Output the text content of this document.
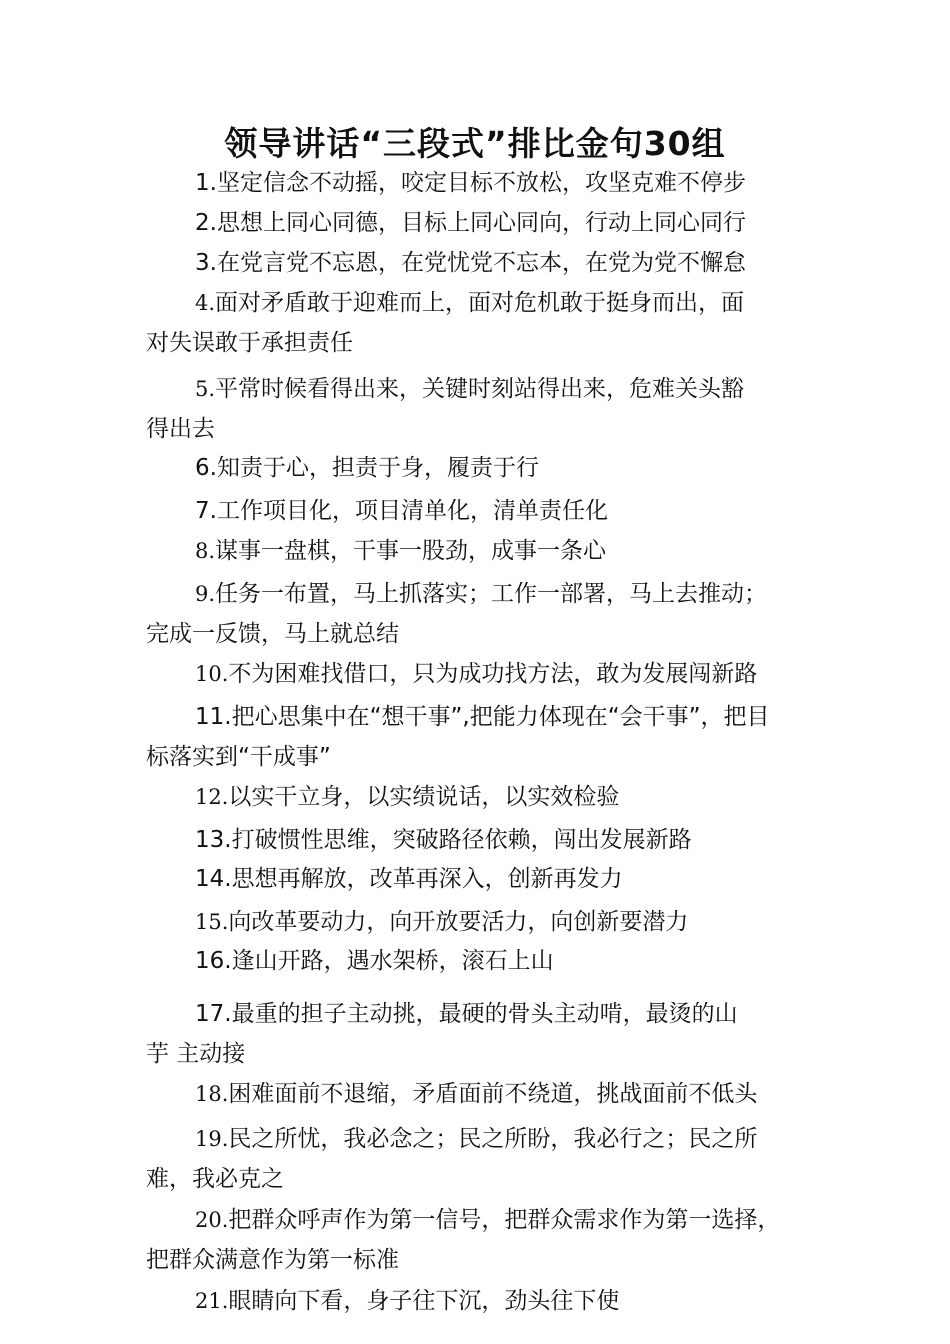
领导讲话“三段式”排比金句30组
1.坚定信念不动摇，咬定目标不放松，攻坚克难不停步
2.思想上同心同德，目标上同心同向，行动上同心同行
3.在党言党不忘恩，在党忧党不忘本，在党为党不懈怠
4.面对矛盾敢于迎难而上，面对危机敢于挺身而出，面
对失误敢于承担责任
5.平常时候看得出来，关键时刻站得出来，危难关头豁
得出去
6.知责于心，担责于身，履责于行
7.工作项目化，项目清单化，清单责任化
8.谋事一盘棋，干事一股劲，成事一条心
9.任务一布置，马上抓落实；工作一部署，马上去推动；
完成一反馈，马上就总结
10.不为困难找借口，只为成功找方法，敢为发展闯新路
11.把心思集中在“想干事”,把能力体现在“会干事”，把目
标落实到“干成事”
12.以实干立身，以实绩说话，以实效检验
13.打破惯性思维，突破路径依赖，闯出发展新路
14.思想再解放，改革再深入，创新再发力
15.向改革要动力，向开放要活力，向创新要潜力
16.逢山开路，遇水架桥，滚石上山
17.最重的担子主动挑，最硬的骨头主动啃，最烫的山
芋 主动接
18.困难面前不退缩，矛盾面前不绕道，挑战面前不低头
19.民之所忧，我必念之；民之所盼，我必行之；民之所
难，我必克之
20.把群众呼声作为第一信号，把群众需求作为第一选择，
把群众满意作为第一标准
21.眼睛向下看，身子往下沉，劲头往下使
